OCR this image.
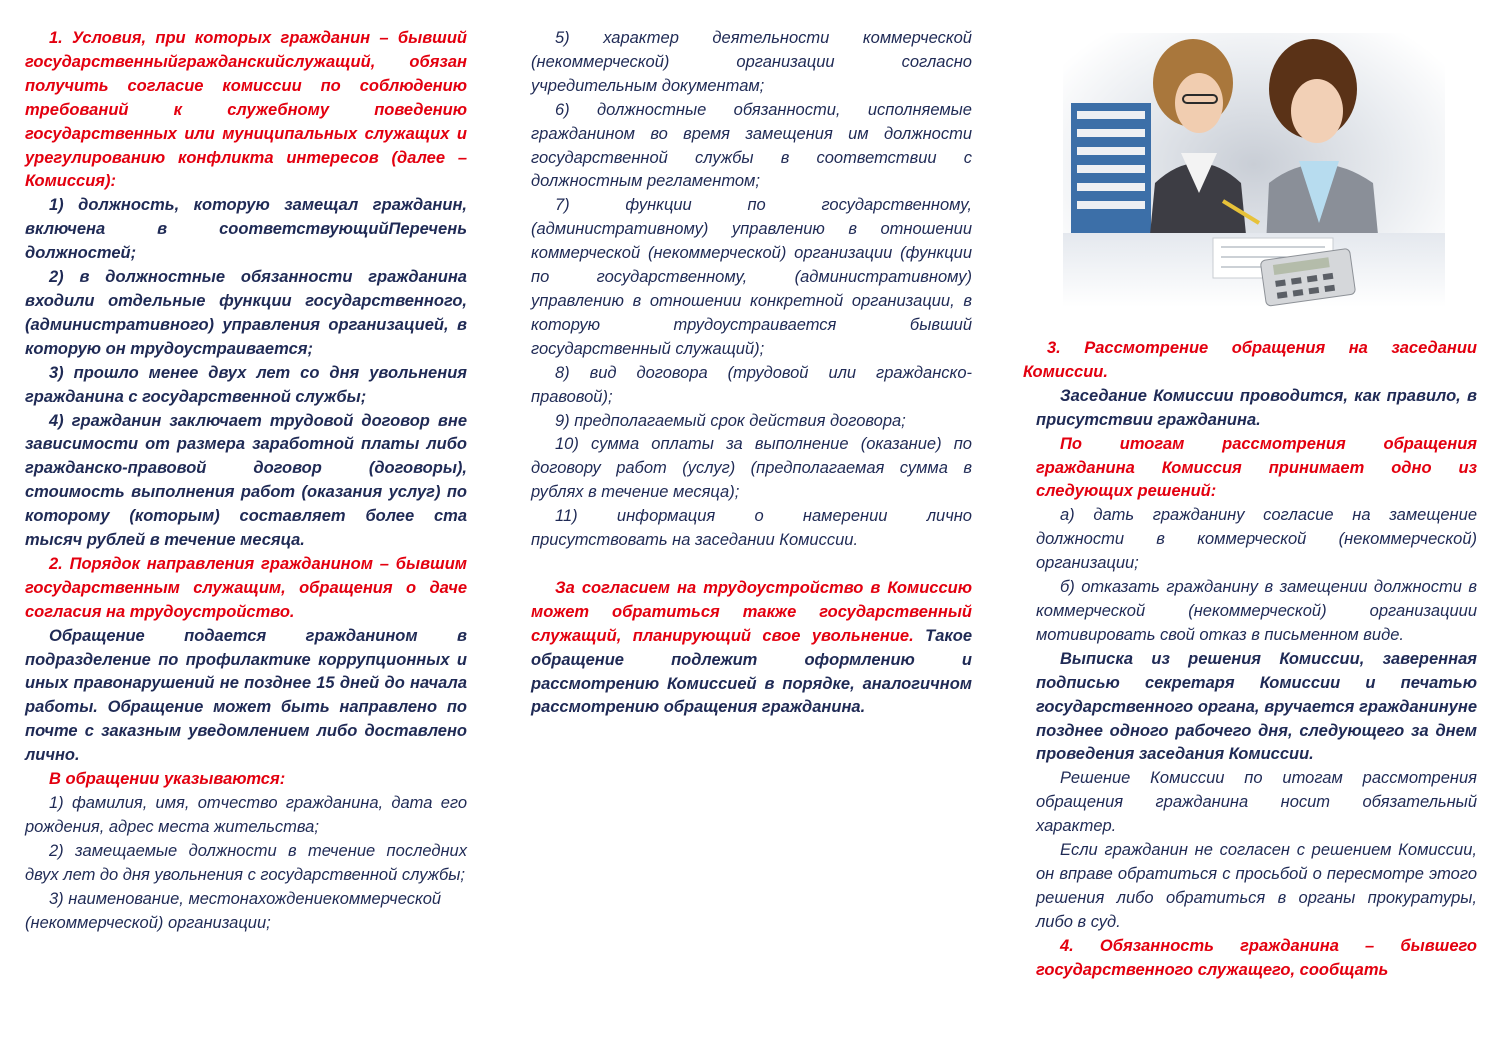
1. Условия, при которых гражданин – бывший государственныйгражданскийслужащий, обязан получить согласие комиссии по соблюдению требований к служебному поведению государственных или муниципальных служащих и урегулированию конфликта интересов (далее – Комиссия):

1) должность, которую замещал гражданин, включена в соответствующийПеречень должностей;

2) в должностные обязанности гражданина входили отдельные функции государственного, (административного) управления организацией, в которую он трудоустраивается;

3) прошло менее двух лет со дня увольнения гражданина с государственной службы;

4) гражданин заключает трудовой договор вне зависимости от размера заработной платы либо гражданско-правовой договор (договоры), стоимость выполнения работ (оказания услуг) по которому (которым) составляет более ста тысяч рублей в течение месяца.

2. Порядок направления гражданином – бывшим государственным служащим, обращения о даче согласия на трудоустройство.

Обращение подается гражданином в подразделение по профилактике коррупционных и иных правонарушений не позднее 15 дней до начала работы. Обращение может быть направлено по почте с заказным уведомлением либо доставлено лично.

В обращении указываются:

1) фамилия, имя, отчество гражданина, дата его рождения, адрес места жительства;

2) замещаемые должности в течение последних двух лет до дня увольнения с государственной службы;

3) наименование, местонахождениекоммерческой (некоммерческой) организации;

5) характер деятельности коммерческой (некоммерческой) организации согласно учредительным документам;

6) должностные обязанности, исполняемые гражданином во время замещения им должности государственной службы в соответствии с должностным регламентом;

7) функции по государственному, (административному) управлению в отношении коммерческой (некоммерческой) организации (функции по государственному, (административному) управлению в отношении конкретной организации, в которую трудоустраивается бывший государственный служащий);

8) вид договора (трудовой или гражданско-правовой);

9) предполагаемый срок действия договора;

10) сумма оплаты за выполнение (оказание) по договору работ (услуг) (предполагаемая сумма в рублях в течение месяца);

11) информация о намерении лично присутствовать на заседании Комиссии.

За согласием на трудоустройство в Комиссию может обратиться также государственный служащий, планирующий свое увольнение. Такое обращение подлежит оформлению и рассмотрению Комиссией в порядке, аналогичном рассмотрению обращения гражданина.

3. Рассмотрение обращения на заседании Комиссии.

Заседание Комиссии проводится, как правило, в присутствии гражданина.

По итогам рассмотрения обращения гражданина Комиссия принимает одно из следующих решений:

а) дать гражданину согласие на замещение должности в коммерческой (некоммерческой) организации;

б) отказать гражданину в замещении должности в коммерческой (некоммерческой) организациии мотивировать свой отказ в письменном виде.

Выписка из решения Комиссии, заверенная подписью секретаря Комиссии и печатью государственного органа, вручается гражданинуне позднее одного рабочего дня, следующего за днем проведения заседания Комиссии.

Решение Комиссии по итогам рассмотрения обращения гражданина носит обязательный характер.

Если гражданин не согласен с решением Комиссии, он вправе обратиться с просьбой о пересмотре этого решения либо обратиться в органы прокуратуры, либо в суд.

4. Обязанность гражданина – бывшего государственного служащего, сообщать
